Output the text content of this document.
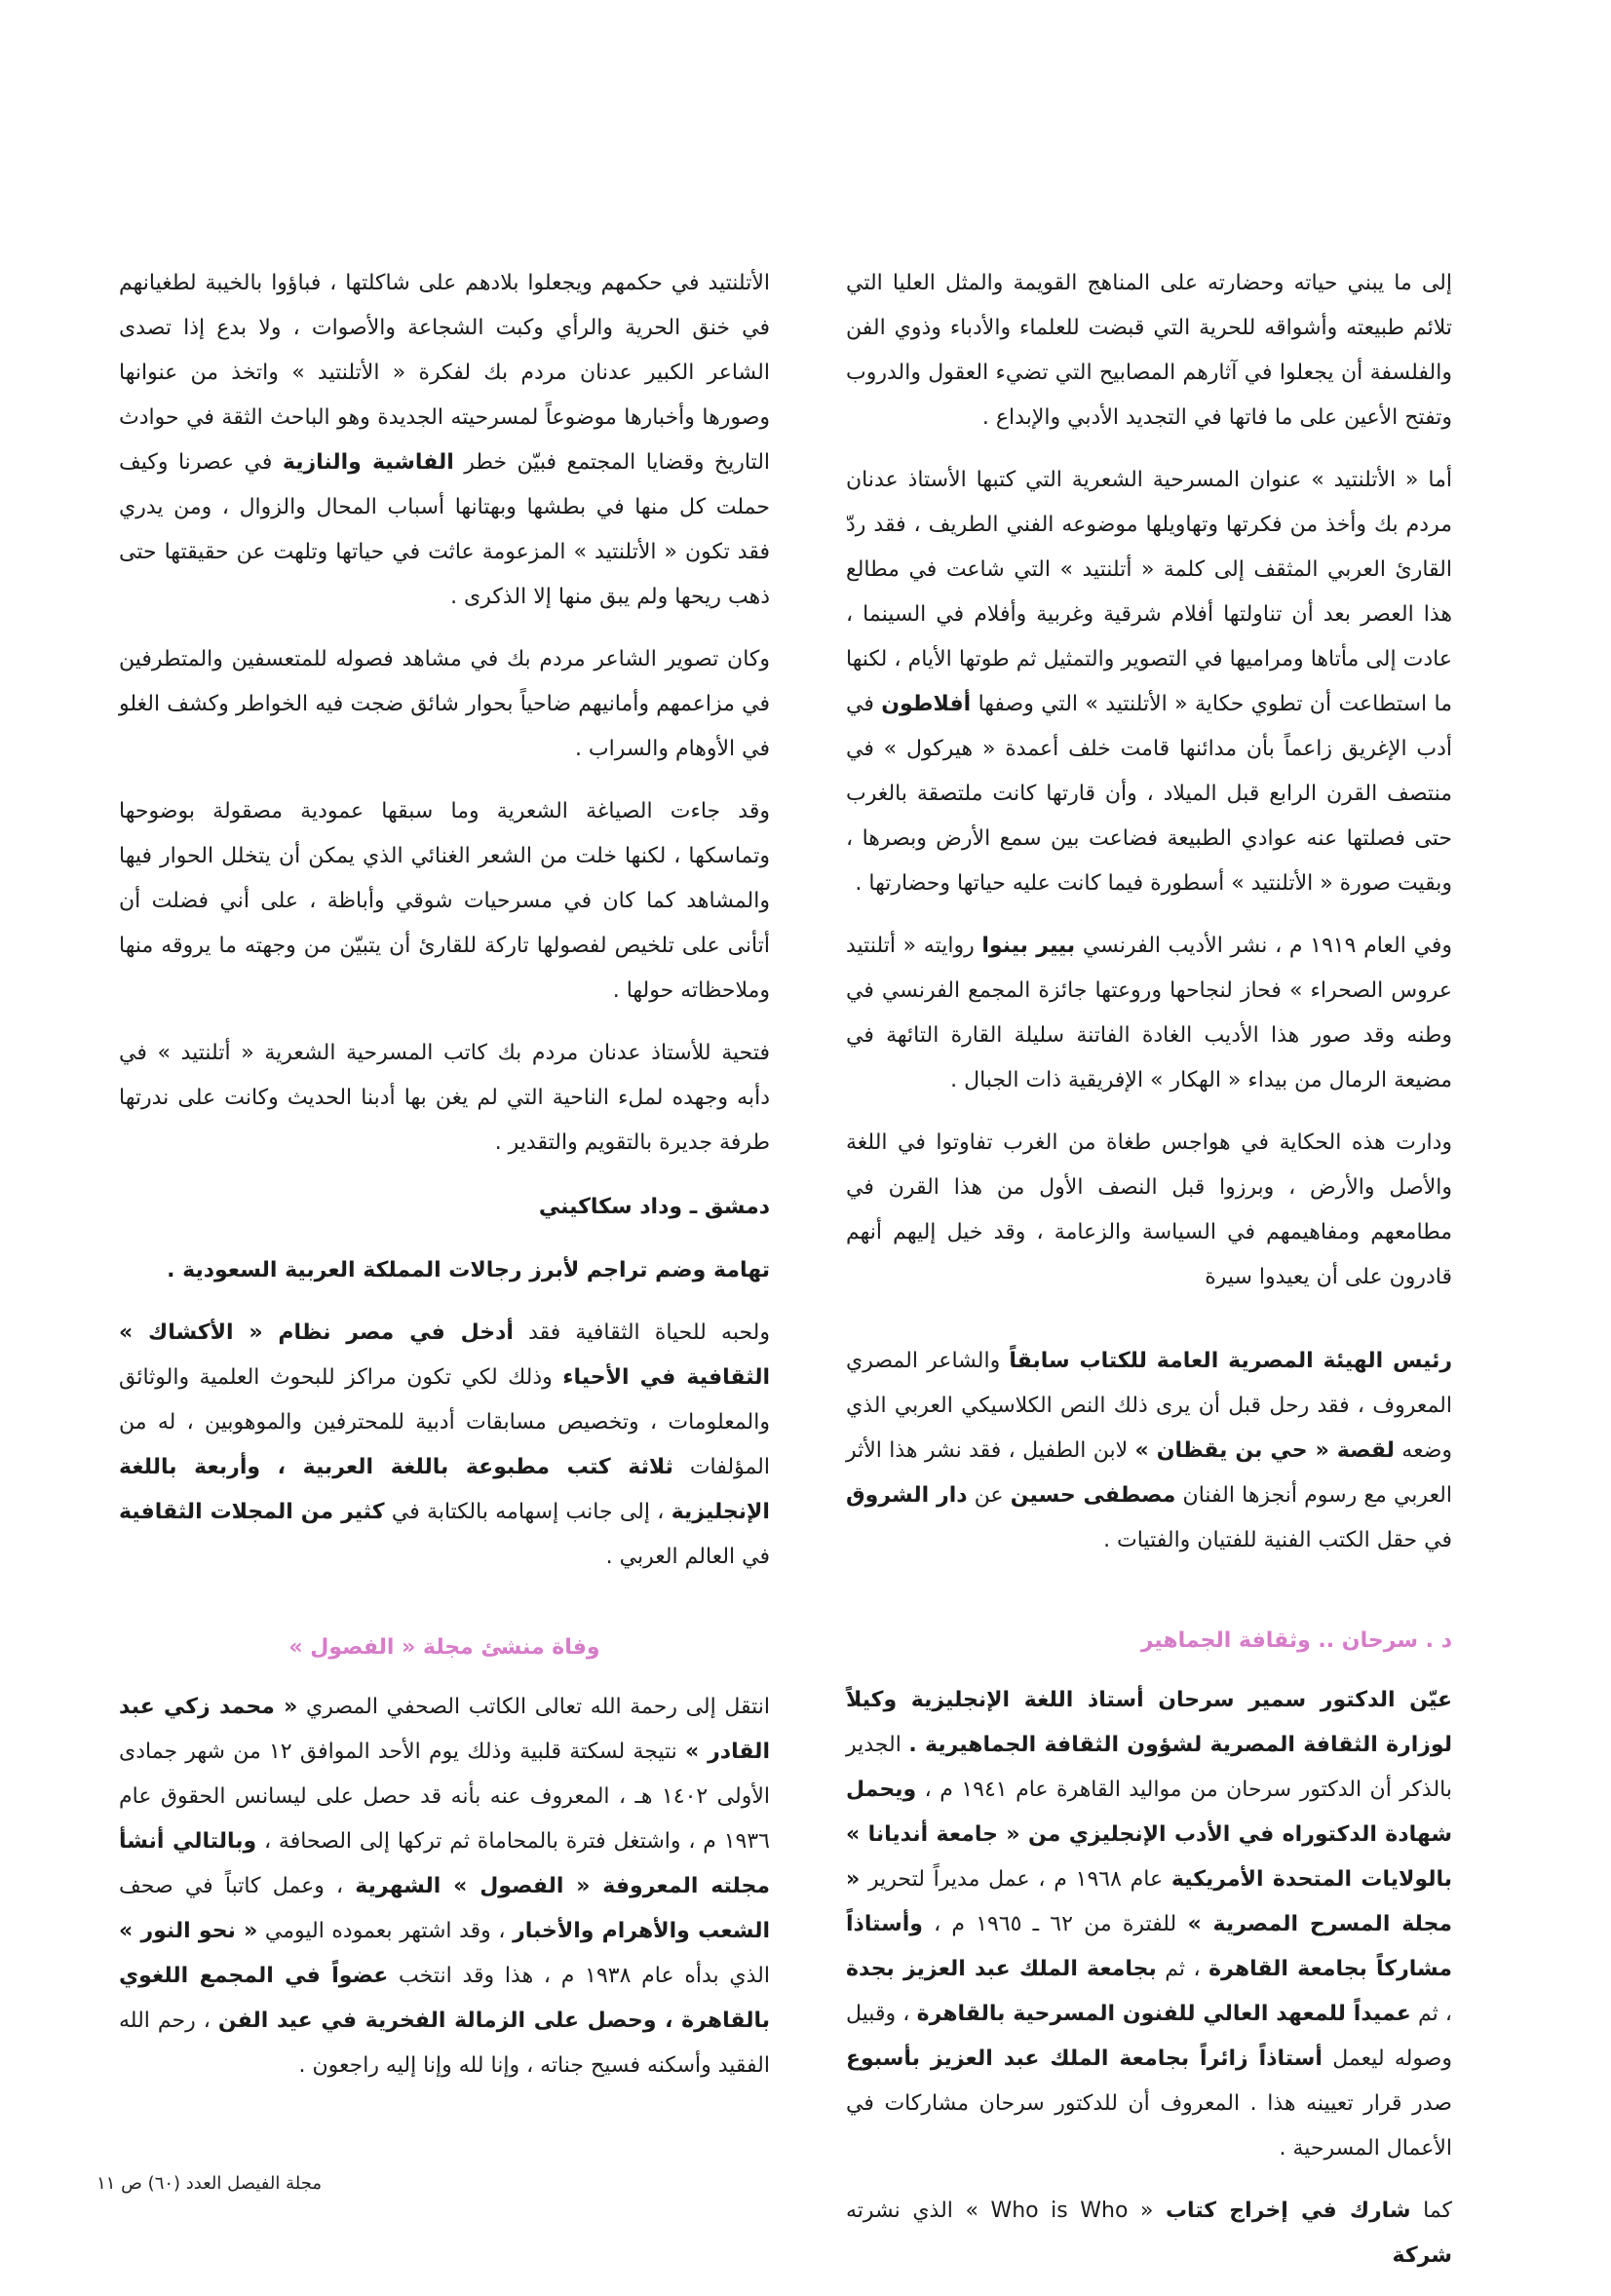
إلى ما يبني حياته وحضارته على المناهج القويمة والمثل العليا التي تلائم طبيعته وأشواقه للحرية التي قبضت للعلماء والأدباء وذوي الفن والفلسفة أن يجعلوا في آثارهم المصابيح التي تضيء العقول والدروب وتفتح الأعين على ما فاتها في التجديد الأدبي والإبداع .

أما « الأتلنتيد » عنوان المسرحية الشعرية التي كتبها الأستاذ عدنان مردم بك وأخذ من فكرتها وتهاويلها موضوعه الفني الطريف ، فقد ردّ القارئ العربي المثقف إلى كلمة « أتلنتيد » التي شاعت في مطالع هذا العصر بعد أن تناولتها أفلام شرقية وغربية وأفلام في السينما ، عادت إلى مأتاها ومراميها في التصوير والتمثيل ثم طوتها الأيام ، لكنها ما استطاعت أن تطوي حكاية « الأتلنتيد » التي وصفها أفلاطون في أدب الإغريق زاعماً بأن مدائنها قامت خلف أعمدة « هيركول » في منتصف القرن الرابع قبل الميلاد ، وأن قارتها كانت ملتصقة بالغرب حتى فصلتها عنه عوادي الطبيعة فضاعت بين سمع الأرض وبصرها ، وبقيت صورة « الأتلنتيد » أسطورة فيما كانت عليه حياتها وحضارتها .

وفي العام ١٩١٩ م ، نشر الأديب الفرنسي بيير بينوا روايته « أتلنتيد عروس الصحراء » فحاز لنجاحها وروعتها جائزة المجمع الفرنسي في وطنه وقد صور هذا الأديب الغادة الفاتنة سليلة القارة التائهة في مضيعة الرمال من بيداء « الهكار » الإفريقية ذات الجبال .

ودارت هذه الحكاية في هواجس طغاة من الغرب تفاوتوا في اللغة والأصل والأرض ، وبرزوا قبل النصف الأول من هذا القرن في مطامعهم ومفاهيمهم في السياسة والزعامة ، وقد خيل إليهم أنهم قادرون على أن يعيدوا سيرة

رئيس الهيئة المصرية العامة للكتاب سابقاً والشاعر المصري المعروف ، فقد رحل قبل أن يرى ذلك النص الكلاسيكي العربي الذي وضعه لقصة « حي بن يقظان » لابن الطفيل ، فقد نشر هذا الأثر العربي مع رسوم أنجزها الفنان مصطفى حسين عن دار الشروق في حقل الكتب الفنية للفتيان والفتيات .

د . سرحان .. وثقافة الجماهير

عيّن الدكتور سمير سرحان أستاذ اللغة الإنجليزية وكيلاً لوزارة الثقافة المصرية لشؤون الثقافة الجماهيرية . الجدير بالذكر أن الدكتور سرحان من مواليد القاهرة عام ١٩٤١ م ، ويحمل شهادة الدكتوراه في الأدب الإنجليزي من « جامعة أنديانا » بالولايات المتحدة الأمريكية عام ١٩٦٨ م ، عمل مديراً لتحرير « مجلة المسرح المصرية » للفترة من ٦٢ ـ ١٩٦٥ م ، وأستاذاً مشاركاً بجامعة القاهرة ، ثم بجامعة الملك عبد العزيز بجدة ، ثم عميداً للمعهد العالي للفنون المسرحية بالقاهرة ، وقبيل وصوله ليعمل أستاذاً زائراً بجامعة الملك عبد العزيز بأسبوع صدر قرار تعيينه هذا . المعروف أن للدكتور سرحان مشاركات في الأعمال المسرحية .

كما شارك في إخراج كتاب « Who is Who » الذي نشرته شركة

الأتلنتيد في حكمهم ويجعلوا بلادهم على شاكلتها ، فباؤوا بالخيبة لطغيانهم في خنق الحرية والرأي وكبت الشجاعة والأصوات ، ولا بدع إذا تصدى الشاعر الكبير عدنان مردم بك لفكرة « الأتلنتيد » واتخذ من عنوانها وصورها وأخبارها موضوعاً لمسرحيته الجديدة وهو الباحث الثقة في حوادث التاريخ وقضايا المجتمع فبيّن خطر الفاشية والنازية في عصرنا وكيف حملت كل منها في بطشها وبهتانها أسباب المحال والزوال ، ومن يدري فقد تكون « الأتلنتيد » المزعومة عاثت في حياتها وتلهت عن حقيقتها حتى ذهب ريحها ولم يبق منها إلا الذكرى .

وكان تصوير الشاعر مردم بك في مشاهد فصوله للمتعسفين والمتطرفين في مزاعمهم وأمانيهم ضاحياً بحوار شائق ضجت فيه الخواطر وكشف الغلو في الأوهام والسراب .

وقد جاءت الصياغة الشعرية وما سبقها عمودية مصقولة بوضوحها وتماسكها ، لكنها خلت من الشعر الغنائي الذي يمكن أن يتخلل الحوار فيها والمشاهد كما كان في مسرحيات شوقي وأباظة ، على أني فضلت أن أتأنى على تلخيص لفصولها تاركة للقارئ أن يتبيّن من وجهته ما يروقه منها وملاحظاته حولها .

فتحية للأستاذ عدنان مردم بك كاتب المسرحية الشعرية « أتلنتيد » في دأبه وجهده لملء الناحية التي لم يغن بها أدبنا الحديث وكانت على ندرتها طرفة جديرة بالتقويم والتقدير .

دمشق ـ وداد سكاكيني

تهامة وضم تراجم لأبرز رجالات المملكة العربية السعودية .

ولحبه للحياة الثقافية فقد أدخل في مصر نظام « الأكشاك » الثقافية في الأحياء وذلك لكي تكون مراكز للبحوث العلمية والوثائق والمعلومات ، وتخصيص مسابقات أدبية للمحترفين والموهوبين ، له من المؤلفات ثلاثة كتب مطبوعة باللغة العربية ، وأربعة باللغة الإنجليزية ، إلى جانب إسهامه بالكتابة في كثير من المجلات الثقافية في العالم العربي .

وفاة منشئ مجلة « الفصول »

انتقل إلى رحمة الله تعالى الكاتب الصحفي المصري « محمد زكي عبد القادر » نتيجة لسكتة قلبية وذلك يوم الأحد الموافق ١٢ من شهر جمادى الأولى ١٤٠٢ هـ ، المعروف عنه بأنه قد حصل على ليسانس الحقوق عام ١٩٣٦ م ، واشتغل فترة بالمحاماة ثم تركها إلى الصحافة ، وبالتالي أنشأ مجلته المعروفة « الفصول » الشهرية ، وعمل كاتباً في صحف الشعب والأهرام والأخبار ، وقد اشتهر بعموده اليومي « نحو النور » الذي بدأه عام ١٩٣٨ م ، هذا وقد انتخب عضواً في المجمع اللغوي بالقاهرة ، وحصل على الزمالة الفخرية في عيد الفن ، رحم الله الفقيد وأسكنه فسيح جناته ، وإنا لله وإنا إليه راجعون .

مجلة الفيصل العدد (٦٠) ص ١١
